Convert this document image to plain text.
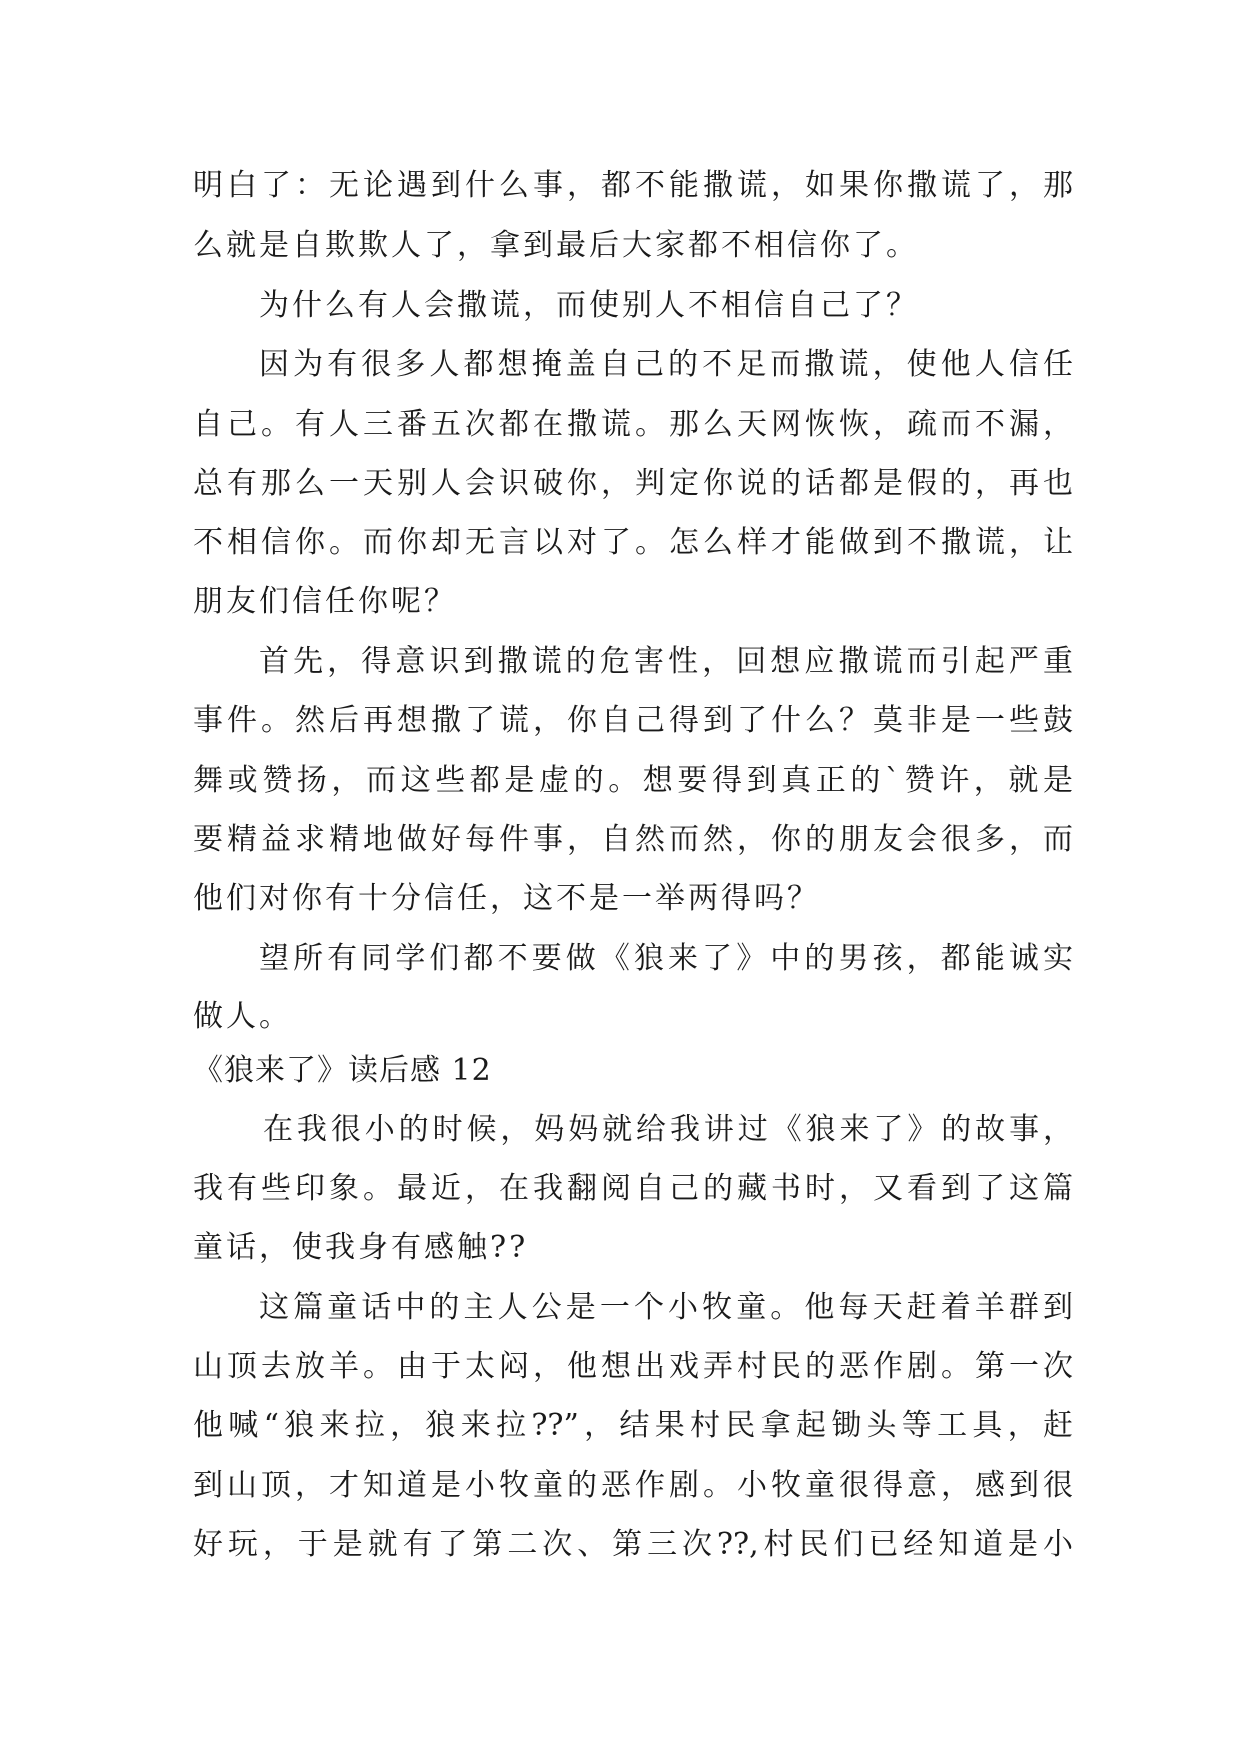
明白了：无论遇到什么事，都不能撒谎，如果你撒谎了，那
么就是自欺欺人了，拿到最后大家都不相信你了。
为什么有人会撒谎，而使别人不相信自己了？
因为有很多人都想掩盖自己的不足而撒谎，使他人信任
自己。有人三番五次都在撒谎。那么天网恢恢，疏而不漏，
总有那么一天别人会识破你，判定你说的话都是假的，再也
不相信你。而你却无言以对了。怎么样才能做到不撒谎，让
朋友们信任你呢？
首先，得意识到撒谎的危害性，回想应撒谎而引起严重
事件。然后再想撒了谎，你自己得到了什么？莫非是一些鼓
舞或赞扬，而这些都是虚的。想要得到真正的`赞许，就是
要精益求精地做好每件事，自然而然，你的朋友会很多，而
他们对你有十分信任，这不是一举两得吗？
望所有同学们都不要做《狼来了》中的男孩，都能诚实
做人。
《狼来了》读后感 12
在我很小的时候，妈妈就给我讲过《狼来了》的故事，
我有些印象。最近，在我翻阅自己的藏书时，又看到了这篇
童话，使我身有感触??
这篇童话中的主人公是一个小牧童。他每天赶着羊群到
山顶去放羊。由于太闷，他想出戏弄村民的恶作剧。第一次
他喊“狼来拉，狼来拉??”，结果村民拿起锄头等工具，赶
到山顶，才知道是小牧童的恶作剧。小牧童很得意，感到很
好玩，于是就有了第二次、第三次??,村民们已经知道是小
